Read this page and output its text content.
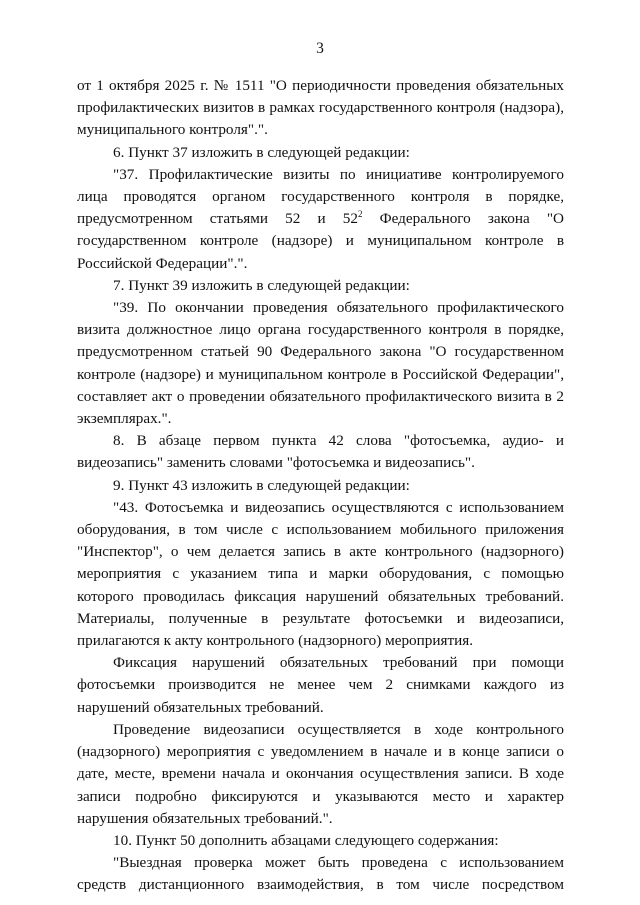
3

от 1 октября 2025 г. № 1511 "О периодичности проведения обязательных профилактических визитов в рамках государственного контроля (надзора), муниципального контроля".".

6. Пункт 37 изложить в следующей редакции:

"37. Профилактические визиты по инициативе контролируемого лица проводятся органом государственного контроля в порядке, предусмотренном статьями 52 и $52^2$ Федерального закона "О государственном контроле (надзоре) и муниципальном контроле в Российской Федерации".".

7. Пункт 39 изложить в следующей редакции:

"39. По окончании проведения обязательного профилактического визита должностное лицо органа государственного контроля в порядке, предусмотренном статьей 90 Федерального закона "О государственном контроле (надзоре) и муниципальном контроле в Российской Федерации", составляет акт о проведении обязательного профилактического визита в 2 экземплярах.".

8. В абзаце первом пункта 42 слова "фотосъемка, аудио- и видеозапись" заменить словами "фотосъемка и видеозапись".

9. Пункт 43 изложить в следующей редакции:

"43. Фотосъемка и видеозапись осуществляются с использованием оборудования, в том числе с использованием мобильного приложения "Инспектор", о чем делается запись в акте контрольного (надзорного) мероприятия с указанием типа и марки оборудования, с помощью которого проводилась фиксация нарушений обязательных требований. Материалы, полученные в результате фотосъемки и видеозаписи, прилагаются к акту контрольного (надзорного) мероприятия.

Фиксация нарушений обязательных требований при помощи фотосъемки производится не менее чем 2 снимками каждого из нарушений обязательных требований.

Проведение видеозаписи осуществляется в ходе контрольного (надзорного) мероприятия с уведомлением в начале и в конце записи о дате, месте, времени начала и окончания осуществления записи. В ходе записи подробно фиксируются и указываются место и характер нарушения обязательных требований.".

10. Пункт 50 дополнить абзацами следующего содержания:

"Выездная проверка может быть проведена с использованием средств дистанционного взаимодействия, в том числе посредством
